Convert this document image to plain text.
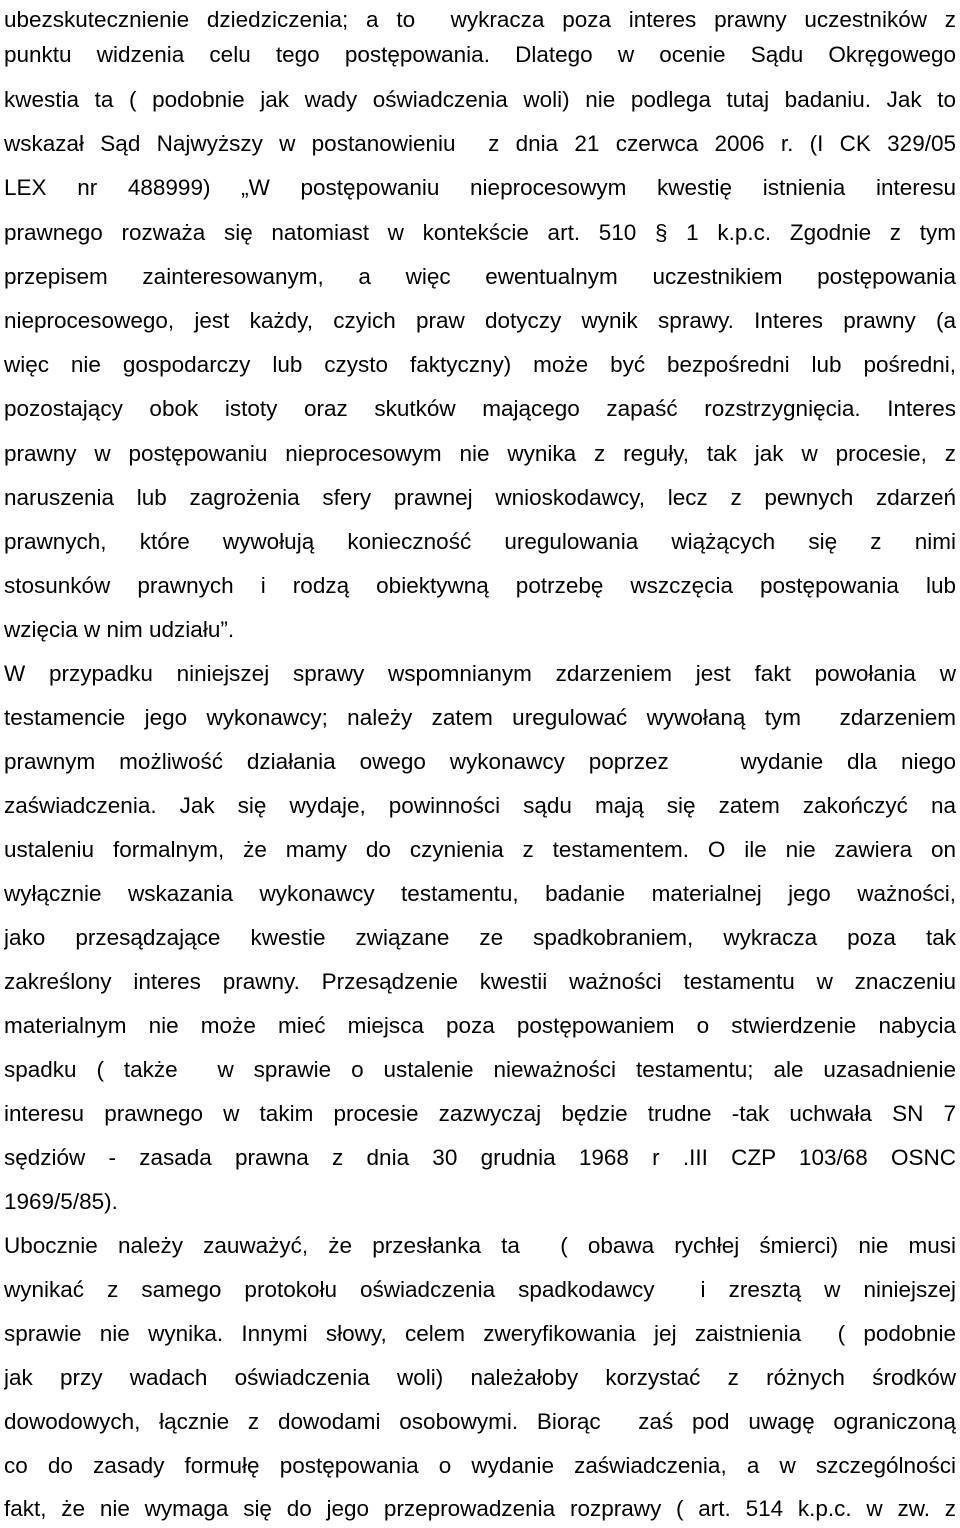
ubezskutecznienie dziedziczenia; a to  wykracza poza interes prawny uczestników z
punktu widzenia celu tego postępowania. Dlatego w ocenie Sądu Okręgowego
kwestia ta ( podobnie jak wady oświadczenia woli) nie podlega tutaj badaniu. Jak to
wskazał Sąd Najwyższy w postanowieniu  z dnia 21 czerwca 2006 r. (I CK 329/05
LEX nr 488999) „W postępowaniu nieprocesowym kwestię istnienia interesu
prawnego rozważa się natomiast w kontekście art. 510 § 1 k.p.c. Zgodnie z tym
przepisem zainteresowanym, a więc ewentualnym uczestnikiem postępowania
nieprocesowego, jest każdy, czyich praw dotyczy wynik sprawy. Interes prawny (a
więc nie gospodarczy lub czysto faktyczny) może być bezpośredni lub pośredni,
pozostający obok istoty oraz skutków mającego zapaść rozstrzygnięcia. Interes
prawny w postępowaniu nieprocesowym nie wynika z reguły, tak jak w procesie, z
naruszenia lub zagrożenia sfery prawnej wnioskodawcy, lecz z pewnych zdarzeń
prawnych, które wywołują konieczność uregulowania wiążących się z nimi
stosunków prawnych i rodzą obiektywną potrzebę wszczęcia postępowania lub
wzięcia w nim udziału”.
W przypadku niniejszej sprawy wspomnianym zdarzeniem jest fakt powołania w
testamencie jego wykonawcy; należy zatem uregulować wywołaną tym  zdarzeniem
prawnym możliwość działania owego wykonawcy poprzez   wydanie dla niego
zaświadczenia. Jak się wydaje, powinności sądu mają się zatem zakończyć na
ustaleniu formalnym, że mamy do czynienia z testamentem. O ile nie zawiera on
wyłącznie wskazania wykonawcy testamentu, badanie materialnej jego ważności,
jako przesądzające kwestie związane ze spadkobraniem, wykracza poza tak
zakreślony interes prawny. Przesądzenie kwestii ważności testamentu w znaczeniu
materialnym nie może mieć miejsca poza postępowaniem o stwierdzenie nabycia
spadku ( także  w sprawie o ustalenie nieważności testamentu; ale uzasadnienie
interesu prawnego w takim procesie zazwyczaj będzie trudne -tak uchwała SN 7
sędziów - zasada prawna z dnia 30 grudnia 1968 r .III CZP 103/68 OSNC
1969/5/85).
Ubocznie należy zauważyć, że przesłanka ta  ( obawa rychłej śmierci) nie musi
wynikać z samego protokołu oświadczenia spadkodawcy  i zresztą w niniejszej
sprawie nie wynika. Innymi słowy, celem zweryfikowania jej zaistnienia  ( podobnie
jak przy wadach oświadczenia woli) należałoby korzystać z różnych środków
dowodowych, łącznie z dowodami osobowymi. Biorąc  zaś pod uwagę ograniczoną
co do zasady formułę postępowania o wydanie zaświadczenia, a w szczególności
fakt, że nie wymaga się do jego przeprowadzenia rozprawy ( art. 514 k.p.c. w zw. z
